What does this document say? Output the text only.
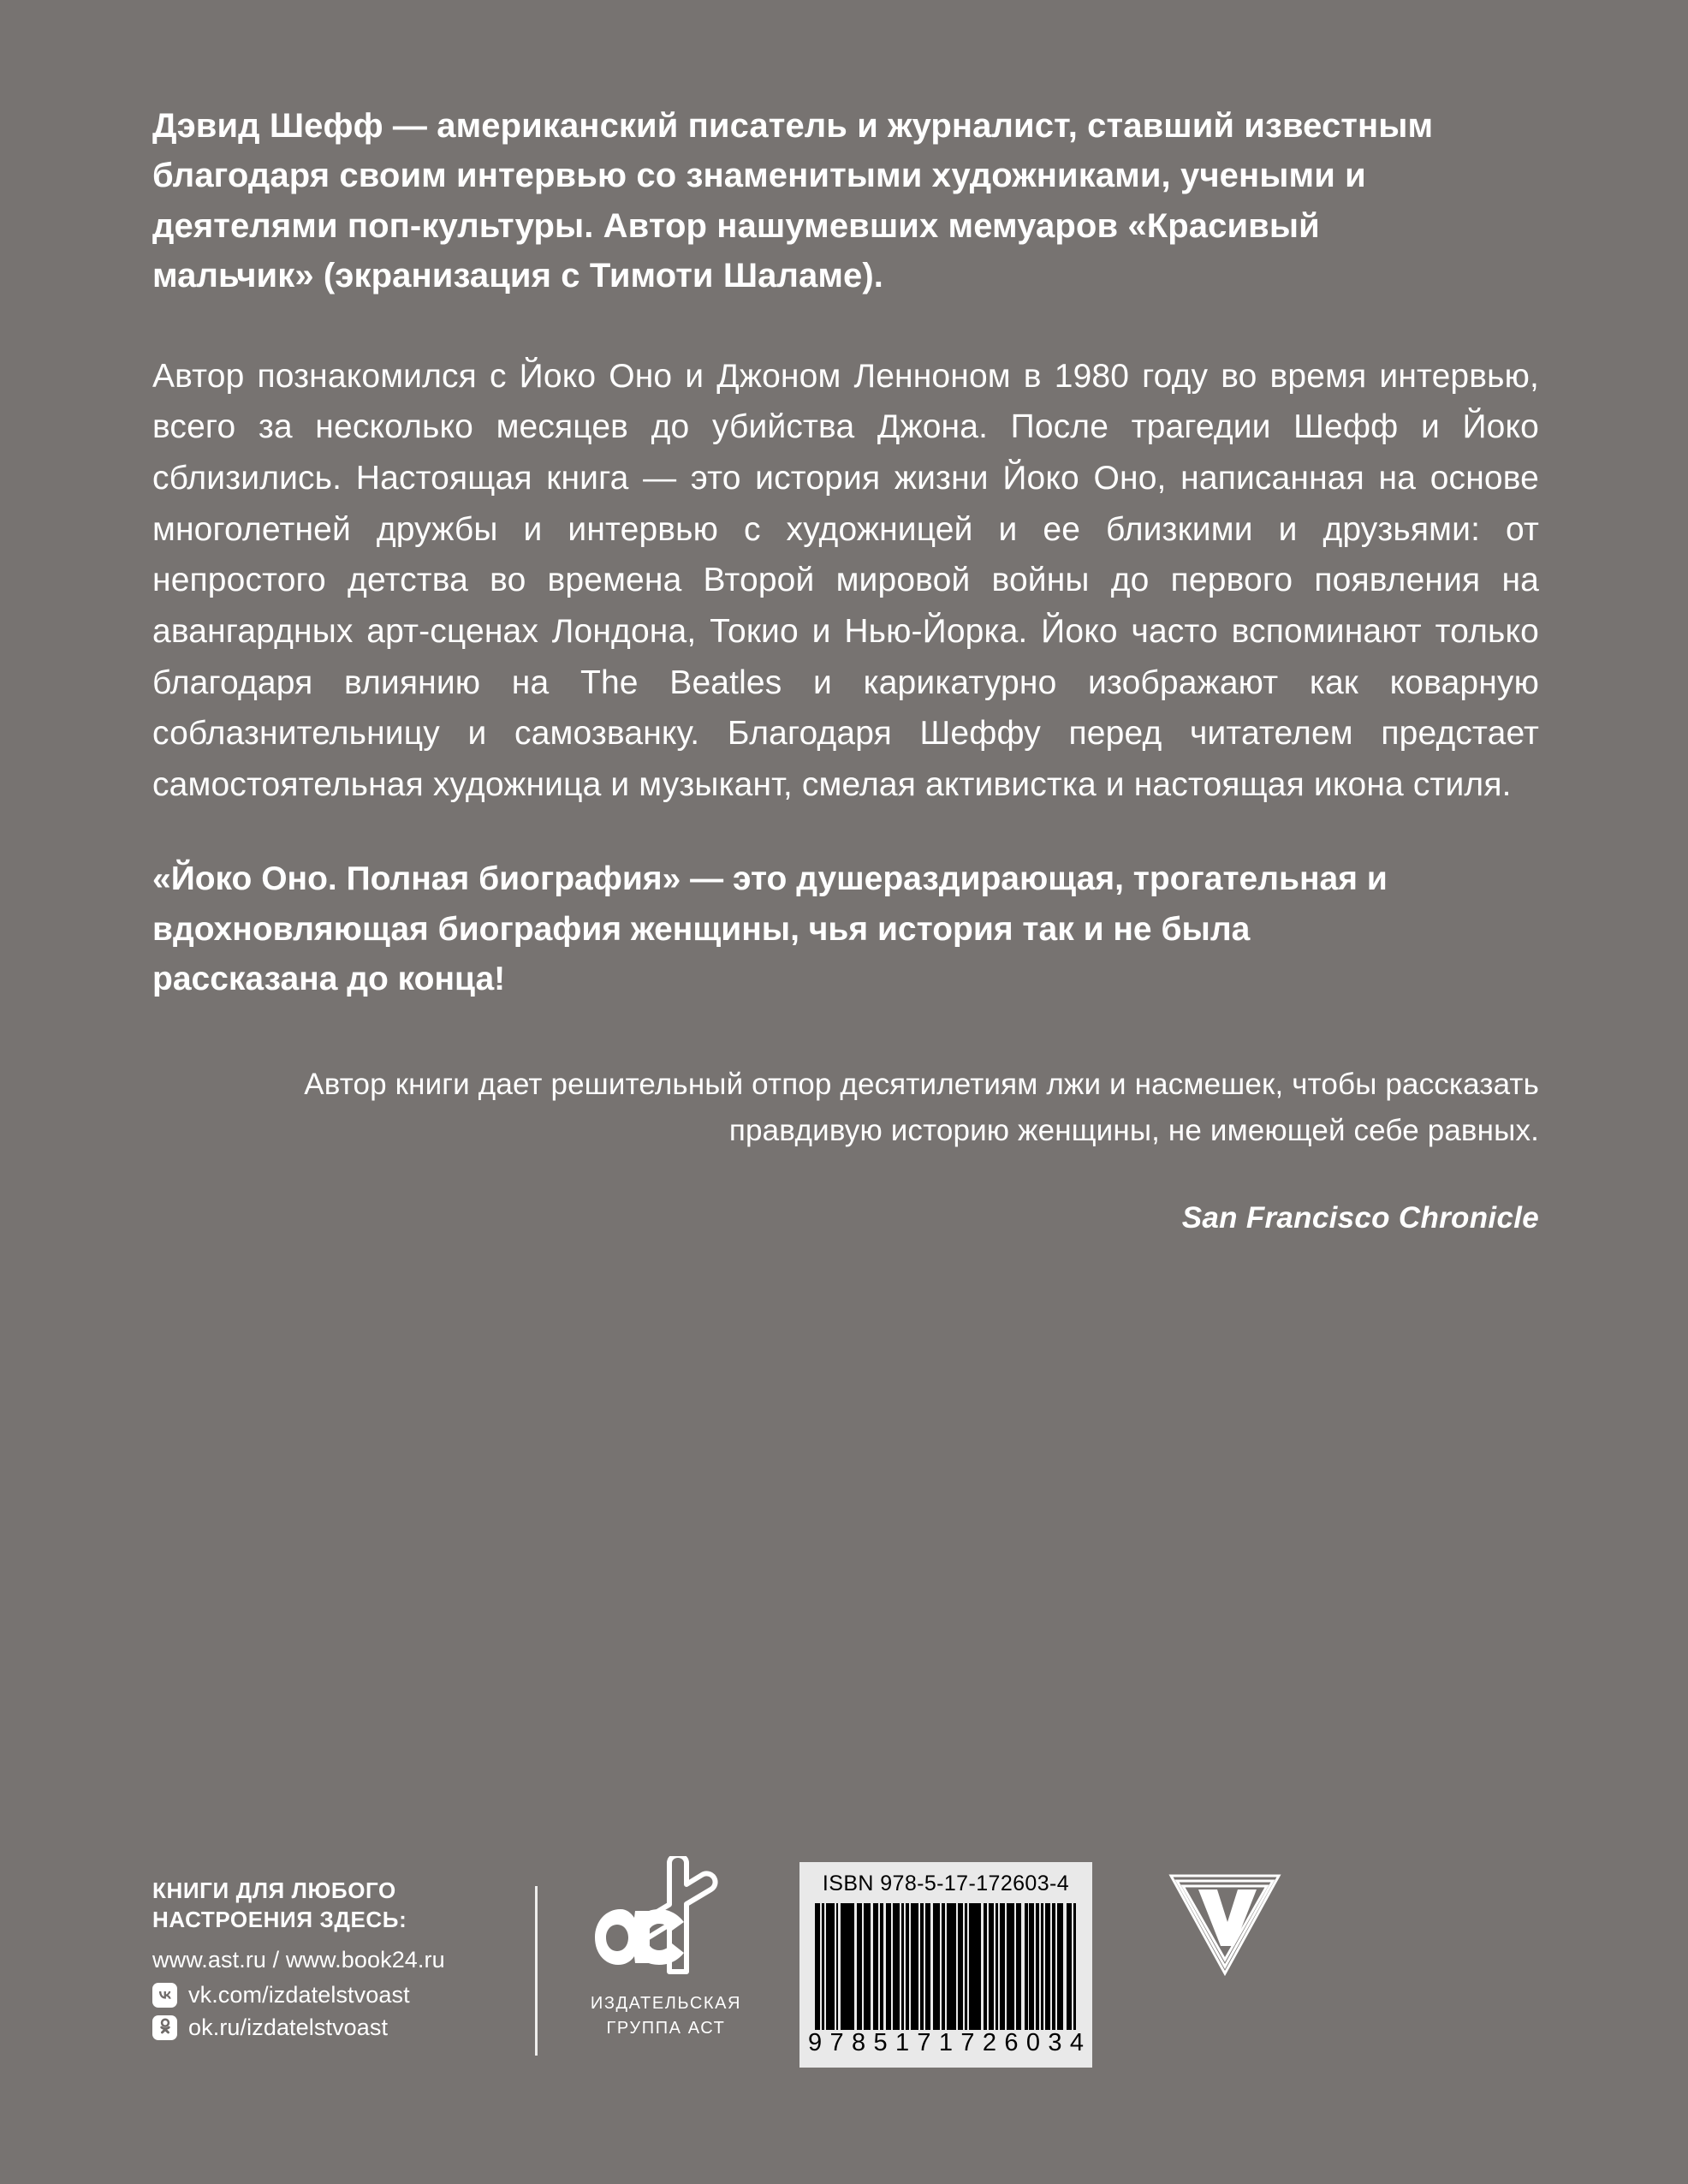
Дэвид Шефф — американский писатель и журналист, ставший известным благодаря своим интервью со знаменитыми художниками, учеными и деятелями поп-культуры. Автор нашумевших мемуаров «Красивый мальчик» (экранизация с Тимоти Шаламе).

Автор познакомился с Йоко Оно и Джоном Ленноном в 1980 году во время интервью, всего за несколько месяцев до убийства Джона. После трагедии Шефф и Йоко сблизились. Настоящая книга — это история жизни Йоко Оно, написанная на основе многолетней дружбы и интервью с художницей и ее близкими и друзьями: от непростого детства во времена Второй мировой войны до первого появления на авангардных арт-сценах Лондона, Токио и Нью-Йорка. Йоко часто вспоминают только благодаря влиянию на The Beatles и карикатурно изображают как коварную соблазнительницу и самозванку. Благодаря Шеффу перед читателем предстает самостоятельная художница и музыкант, смелая активистка и настоящая икона стиля.

«Йоко Оно. Полная биография» — это душераздирающая, трогательная и вдохновляющая биография женщины, чья история так и не была рассказана до конца!

Автор книги дает решительный отпор десятилетиям лжи и насмешек, чтобы рассказать правдивую историю женщины, не имеющей себе равных.
San Francisco Chronicle
КНИГИ ДЛЯ ЛЮБОГО
НАСТРОЕНИЯ ЗДЕСЬ:
www.ast.ru / www.book24.ru
vk.com/izdatelstvoast
ok.ru/izdatelstvoast
ИЗДАТЕЛЬСКАЯ
ГРУППА АСТ
ISBN 978-5-17-172603-4
9 7 8 5 1 7 1 7 2 6 0 3 4
